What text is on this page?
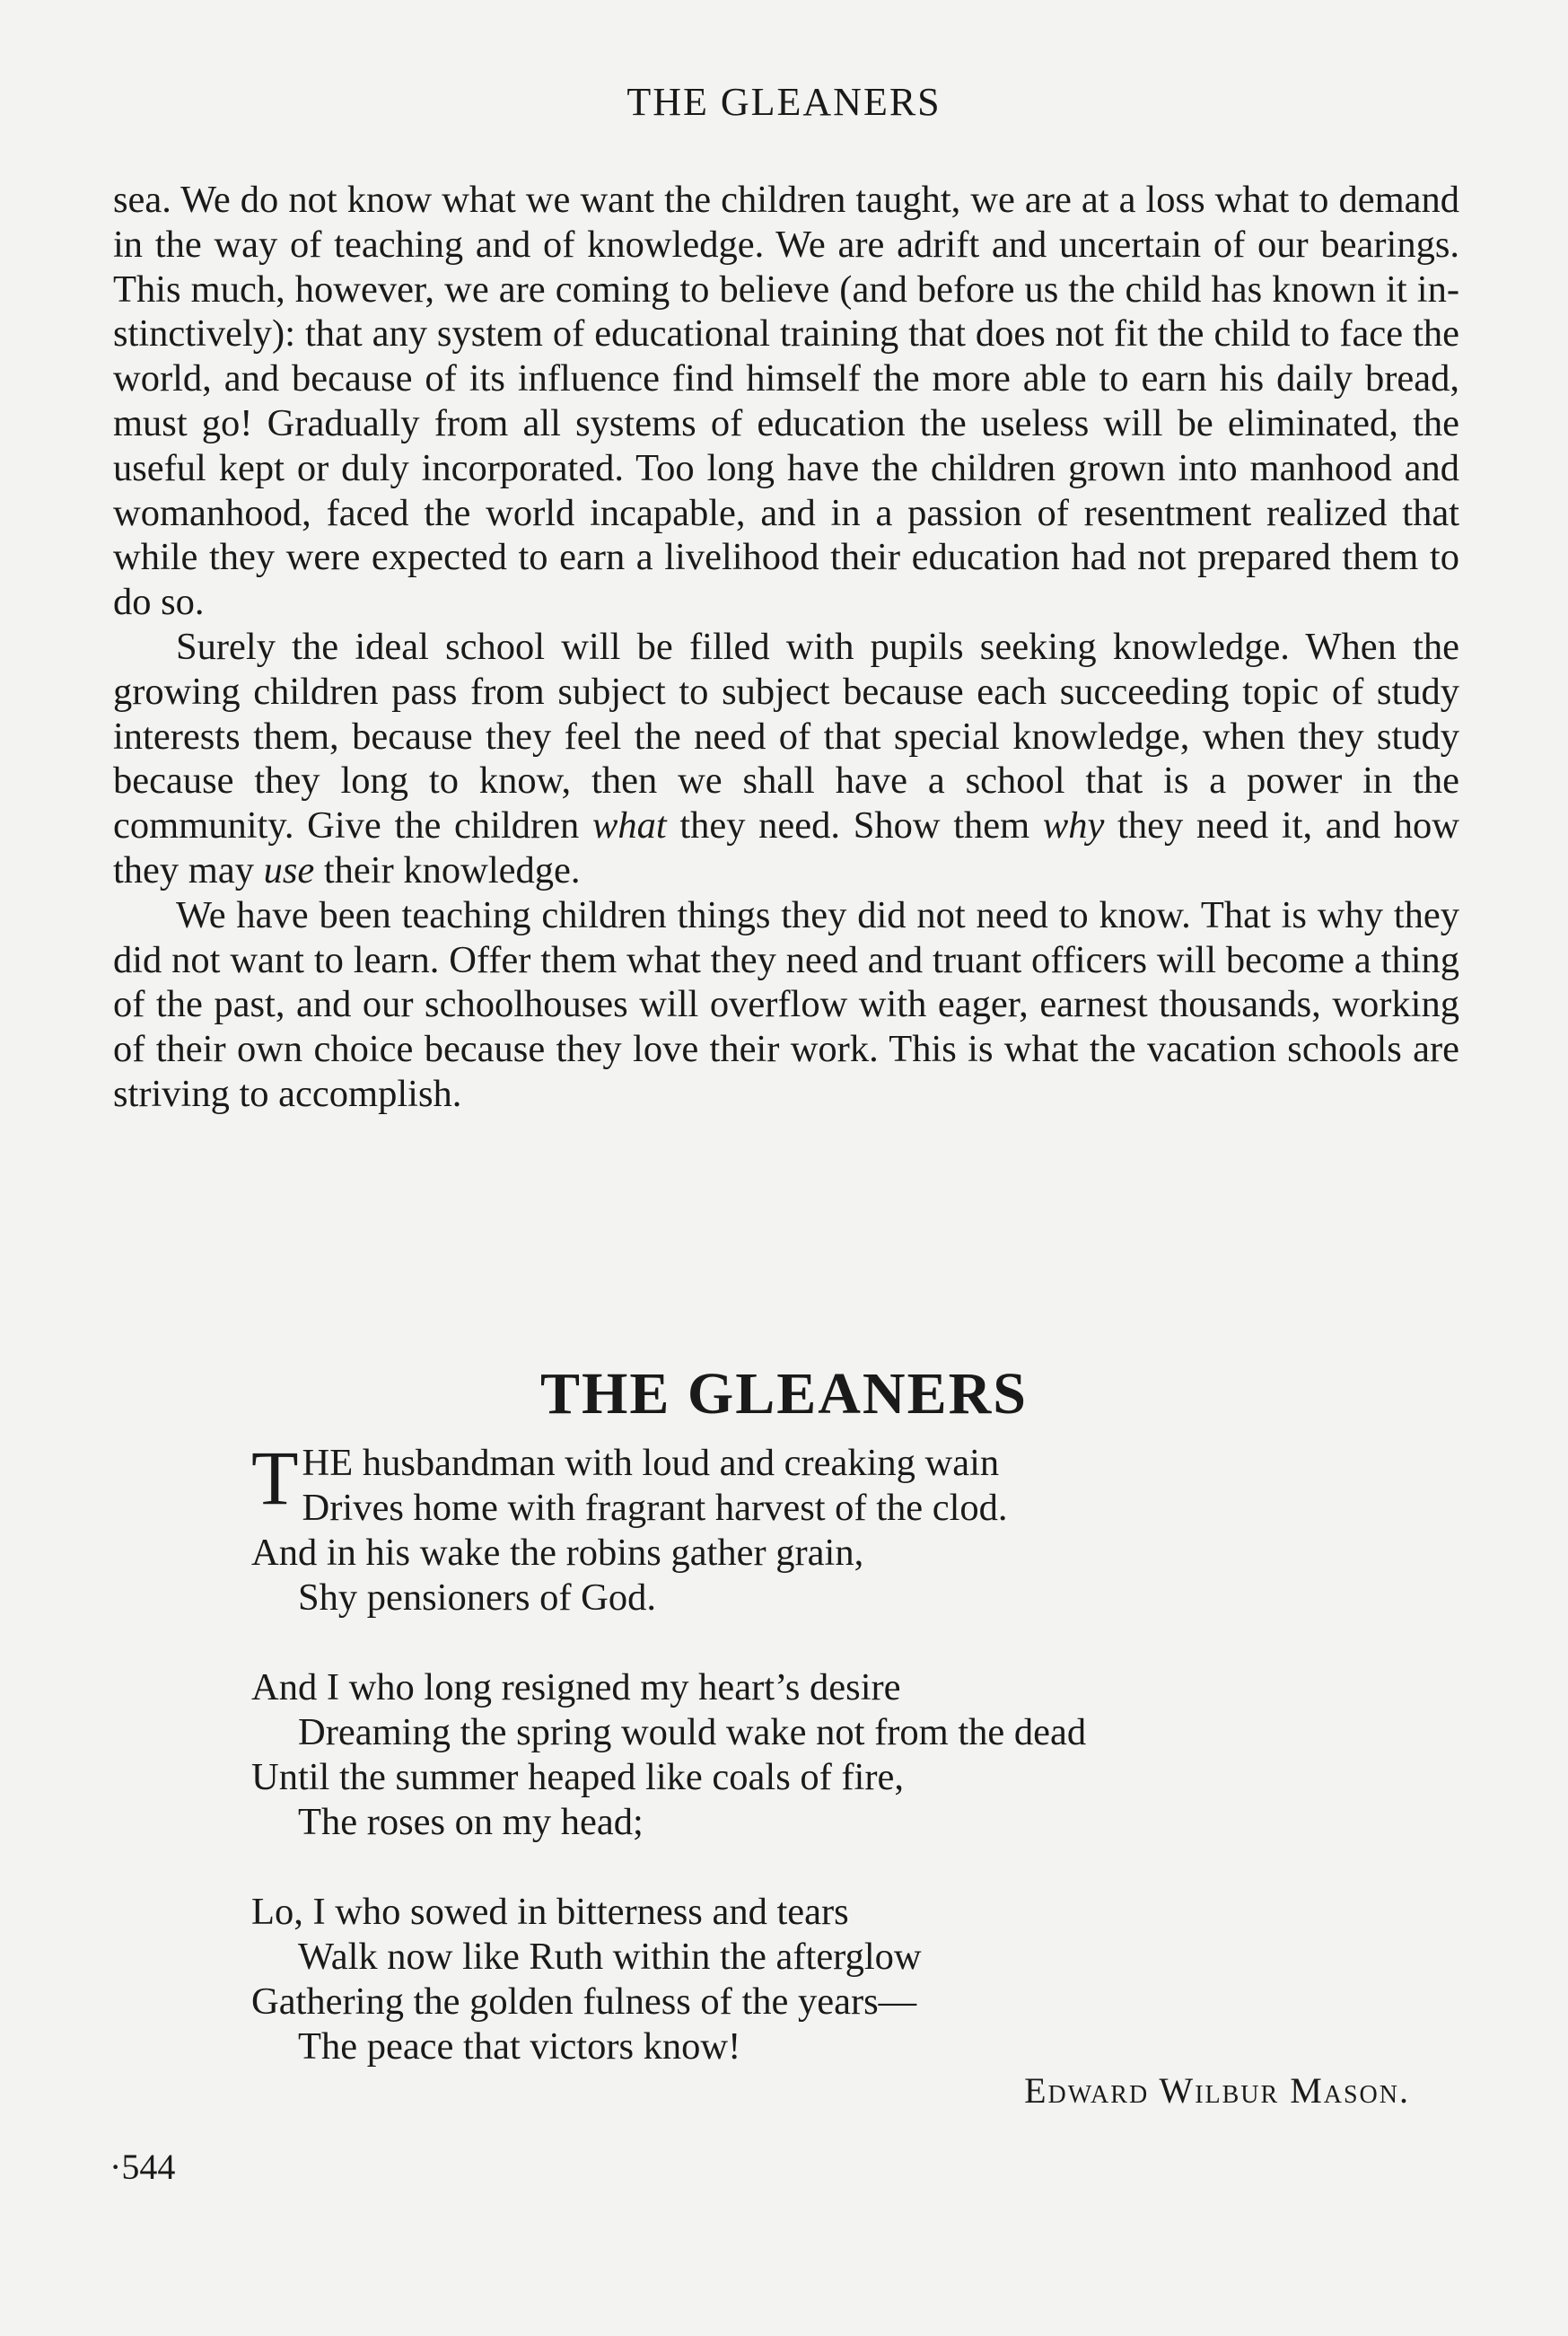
THE GLEANERS

sea. We do not know what we want the children taught, we are at a loss what to demand in the way of teaching and of knowledge. We are adrift and uncertain of our bearings. This much, however, we are coming to believe (and before us the child has known it instinctively): that any system of educational training that does not fit the child to face the world, and because of its influence find himself the more able to earn his daily bread, must go! Gradually from all systems of education the useless will be eliminated, the useful kept or duly incorporated. Too long have the children grown into manhood and womanhood, faced the world incapable, and in a passion of resentment realized that while they were expected to earn a livelihood their education had not prepared them to do so.

Surely the ideal school will be filled with pupils seeking knowledge. When the growing children pass from subject to subject because each succeeding topic of study interests them, because they feel the need of that special knowledge, when they study because they long to know, then we shall have a school that is a power in the community. Give the children what they need. Show them why they need it, and how they may use their knowledge.

We have been teaching children things they did not need to know. That is why they did not want to learn. Offer them what they need and truant officers will become a thing of the past, and our schoolhouses will overflow with eager, earnest thousands, working of their own choice because they love their work. This is what the vacation schools are striving to accomplish.

THE GLEANERS
T HE husbandman with loud and creaking wain
Drives home with fragrant harvest of the clod.
And in his wake the robins gather grain,
Shy pensioners of God.
And I who long resigned my heart’s desire
Dreaming the spring would wake not from the dead
Until the summer heaped like coals of fire,
The roses on my head;
Lo, I who sowed in bitterness and tears
Walk now like Ruth within the afterglow
Gathering the golden fulness of the years—
The peace that victors know!
Edward Wilbur Mason.
·544
